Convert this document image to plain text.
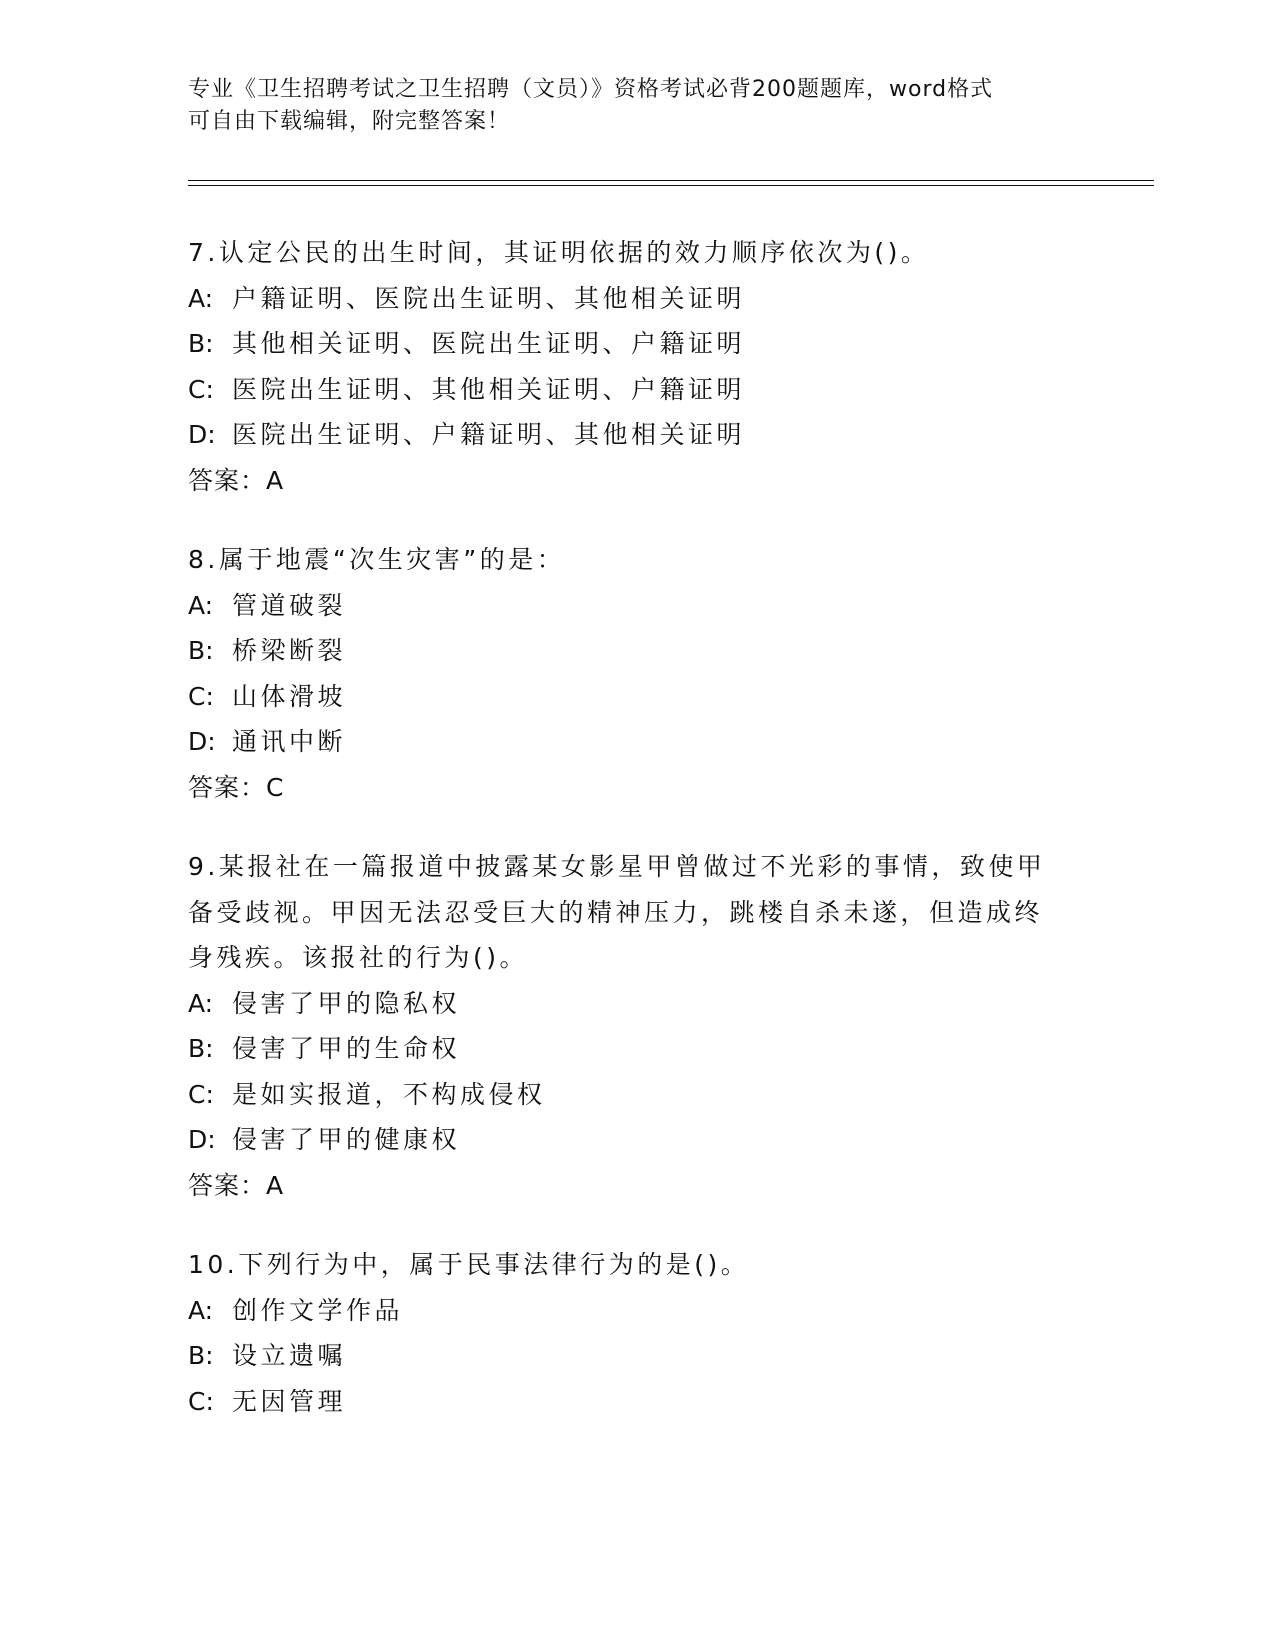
专业《卫生招聘考试之卫生招聘（文员）》资格考试必背200题题库，word格式
可自由下载编辑，附完整答案！
7.认定公民的出生时间，其证明依据的效力顺序依次为()。
A: 户籍证明、医院出生证明、其他相关证明
B: 其他相关证明、医院出生证明、户籍证明
C: 医院出生证明、其他相关证明、户籍证明
D: 医院出生证明、户籍证明、其他相关证明
答案：A
8.属于地震“次生灾害”的是：
A: 管道破裂
B: 桥梁断裂
C: 山体滑坡
D: 通讯中断
答案：C
9.某报社在一篇报道中披露某女影星甲曾做过不光彩的事情，致使甲
备受歧视。甲因无法忍受巨大的精神压力，跳楼自杀未遂，但造成终
身残疾。该报社的行为()。
A: 侵害了甲的隐私权
B: 侵害了甲的生命权
C: 是如实报道，不构成侵权
D: 侵害了甲的健康权
答案：A
10.下列行为中，属于民事法律行为的是()。
A: 创作文学作品
B: 设立遗嘱
C: 无因管理
